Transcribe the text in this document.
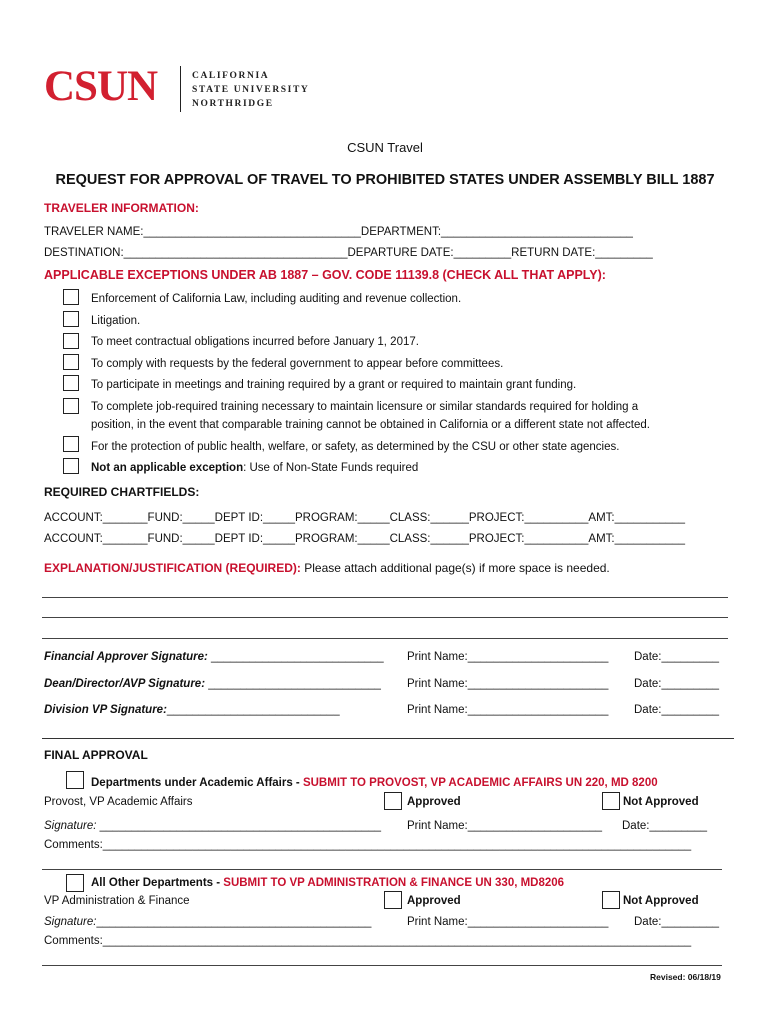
CSUN	CALIFORNIA
STATE UNIVERSITY
NORTHRIDGE
CSUN Travel
REQUEST FOR APPROVAL OF TRAVEL TO PROHIBITED STATES UNDER ASSEMBLY BILL 1887
TRAVELER INFORMATION:
TRAVELER NAME:__________________________________DEPARTMENT:______________________________
DESTINATION:___________________________________DEPARTURE DATE:_________RETURN DATE:_________
APPLICABLE EXCEPTIONS UNDER AB 1887 – GOV. CODE 11139.8 (CHECK ALL THAT APPLY):
Enforcement of California Law, including auditing and revenue collection.
Litigation.
To meet contractual obligations incurred before January 1, 2017.
To comply with requests by the federal government to appear before committees.
To participate in meetings and training required by a grant or required to maintain grant funding.
To complete job-required training necessary to maintain licensure or similar standards required for holding a
position, in the event that comparable training cannot be obtained in California or a different state not affected.
For the protection of public health, welfare, or safety, as determined by the CSU or other state agencies.
Not an applicable exception: Use of Non-State Funds required
REQUIRED CHARTFIELDS:
ACCOUNT:_______FUND:_____DEPT ID:_____PROGRAM:_____CLASS:______PROJECT:__________AMT:___________
ACCOUNT:_______FUND:_____DEPT ID:_____PROGRAM:_____CLASS:______PROJECT:__________AMT:___________
EXPLANATION/JUSTIFICATION (REQUIRED): Please attach additional page(s) if more space is needed.
Financial Approver Signature: ___________________________ Print Name:______________________ Date:_________
Dean/Director/AVP Signature: ___________________________ Print Name:______________________ Date:_________
Division VP Signature:___________________________	Print Name:______________________ Date:_________
FINAL APPROVAL
Departments under Academic Affairs - SUBMIT TO PROVOST, VP ACADEMIC AFFAIRS UN 220, MD 8200
Provost, VP Academic Affairs	Approved	Not Approved
Signature: ____________________________________________ Print Name:_____________________ Date:_________
Comments:____________________________________________________________________________________________
All Other Departments - SUBMIT TO VP ADMINISTRATION & FINANCE UN 330, MD8206
VP Administration & Finance	Approved	Not Approved
Signature:___________________________________________	Print Name:______________________ Date:_________
Comments:____________________________________________________________________________________________
Revised: 06/18/19
